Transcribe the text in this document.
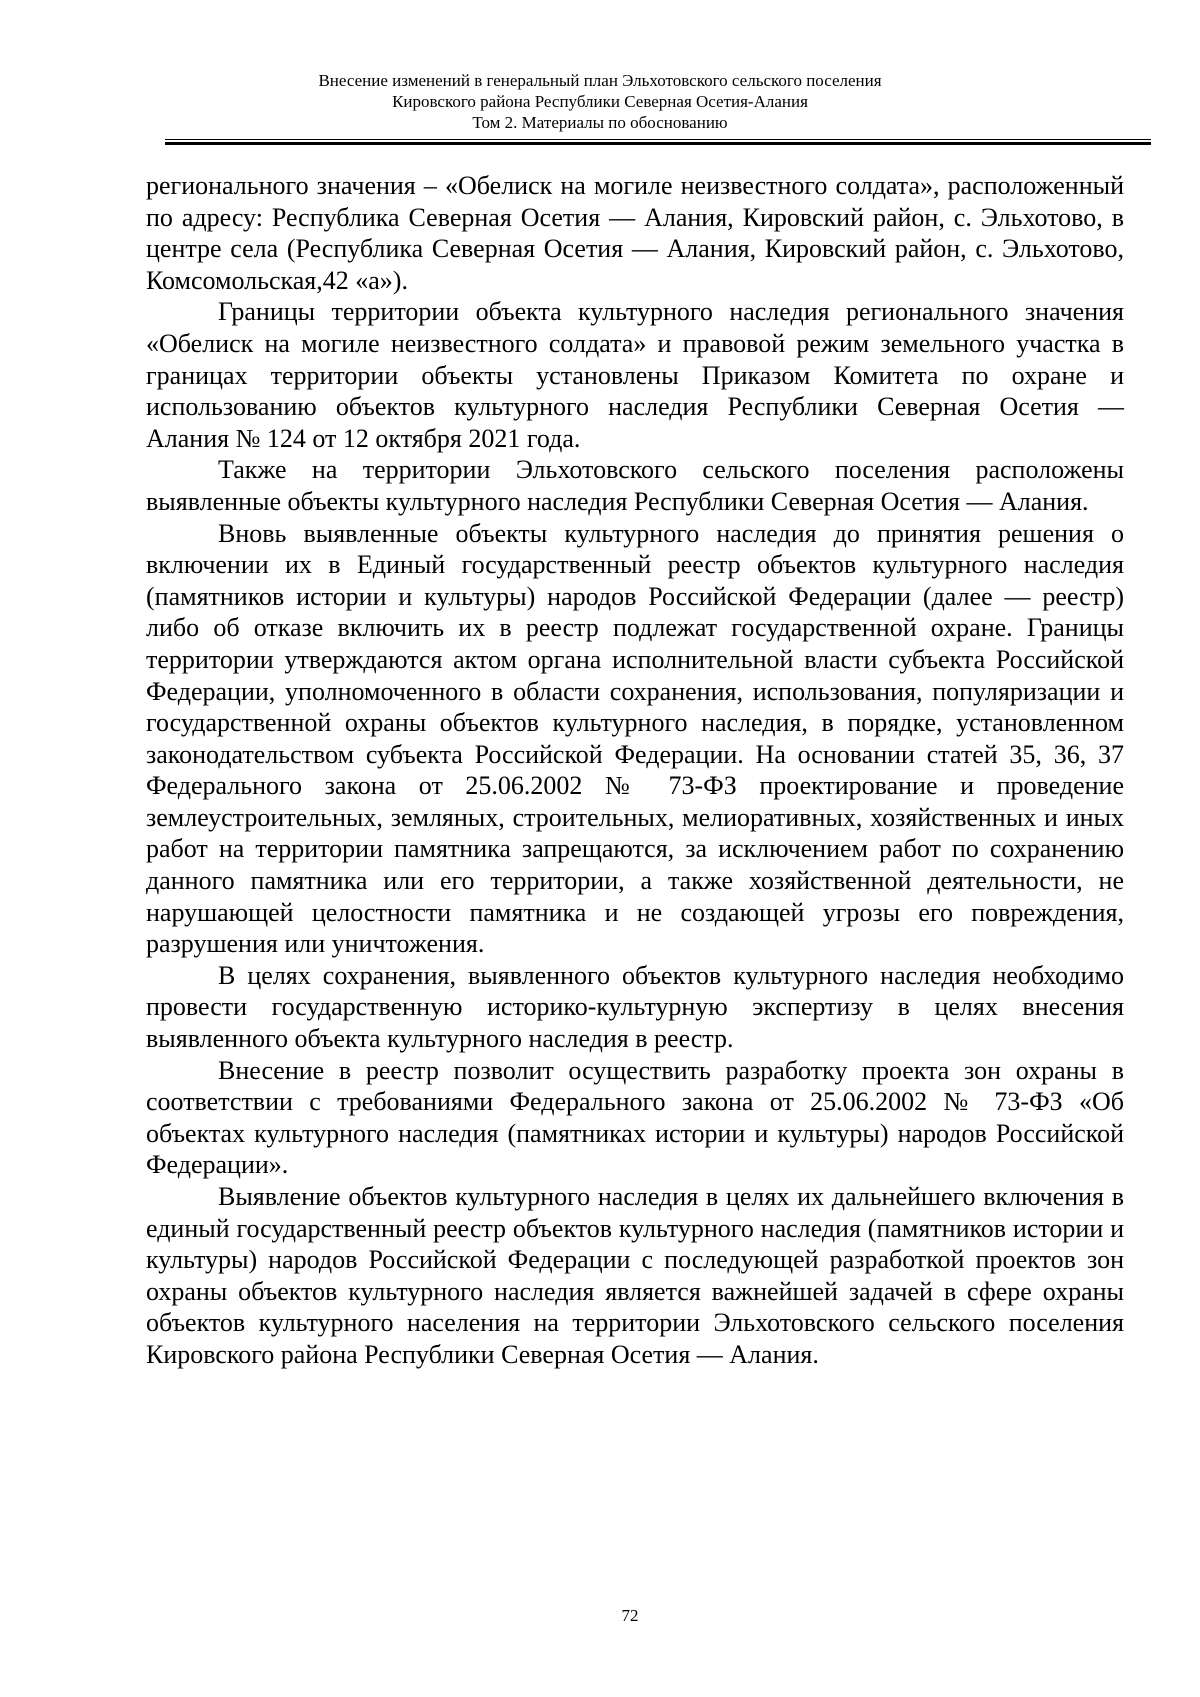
Внесение изменений в генеральный план Эльхотовского сельского поселения
Кировского района Республики Северная Осетия-Алания
Том 2. Материалы по обоснованию

регионального значения – «Обелиск на могиле неизвестного солдата», расположенный по адресу: Республика Северная Осетия — Алания, Кировский район, с. Эльхотово, в центре села (Республика Северная Осетия — Алания, Кировский район, с. Эльхотово, Комсомольская,42 «а»).

Границы территории объекта культурного наследия регионального значения «Обелиск на могиле неизвестного солдата» и правовой режим земельного участка в границах территории объекты установлены Приказом Комитета по охране и использованию объектов культурного наследия Республики Северная Осетия — Алания № 124 от 12 октября 2021 года.

Также на территории Эльхотовского сельского поселения расположены выявленные объекты культурного наследия Республики Северная Осетия — Алания.

Вновь выявленные объекты культурного наследия до принятия решения о включении их в Единый государственный реестр объектов культурного наследия (памятников истории и культуры) народов Российской Федерации (далее — реестр) либо об отказе включить их в реестр подлежат государственной охране. Границы территории утверждаются актом органа исполнительной власти субъекта Российской Федерации, уполномоченного в области сохранения, использования, популяризации и государственной охраны объектов культурного наследия, в порядке, установленном законодательством субъекта Российской Федерации. На основании статей 35, 36, 37 Федерального закона от 25.06.2002 № 73-ФЗ проектирование и проведение землеустроительных, земляных, строительных, мелиоративных, хозяйственных и иных работ на территории памятника запрещаются, за исключением работ по сохранению данного памятника или его территории, а также хозяйственной деятельности, не нарушающей целостности памятника и не создающей угрозы его повреждения, разрушения или уничтожения.

В целях сохранения, выявленного объектов культурного наследия необходимо провести государственную историко-культурную экспертизу в целях внесения выявленного объекта культурного наследия в реестр.

Внесение в реестр позволит осуществить разработку проекта зон охраны в соответствии с требованиями Федерального закона от 25.06.2002 № 73-ФЗ «Об объектах культурного наследия (памятниках истории и культуры) народов Российской Федерации».

Выявление объектов культурного наследия в целях их дальнейшего включения в единый государственный реестр объектов культурного наследия (памятников истории и культуры) народов Российской Федерации с последующей разработкой проектов зон охраны объектов культурного наследия является важнейшей задачей в сфере охраны объектов культурного населения на территории Эльхотовского сельского поселения Кировского района Республики Северная Осетия — Алания.

72
